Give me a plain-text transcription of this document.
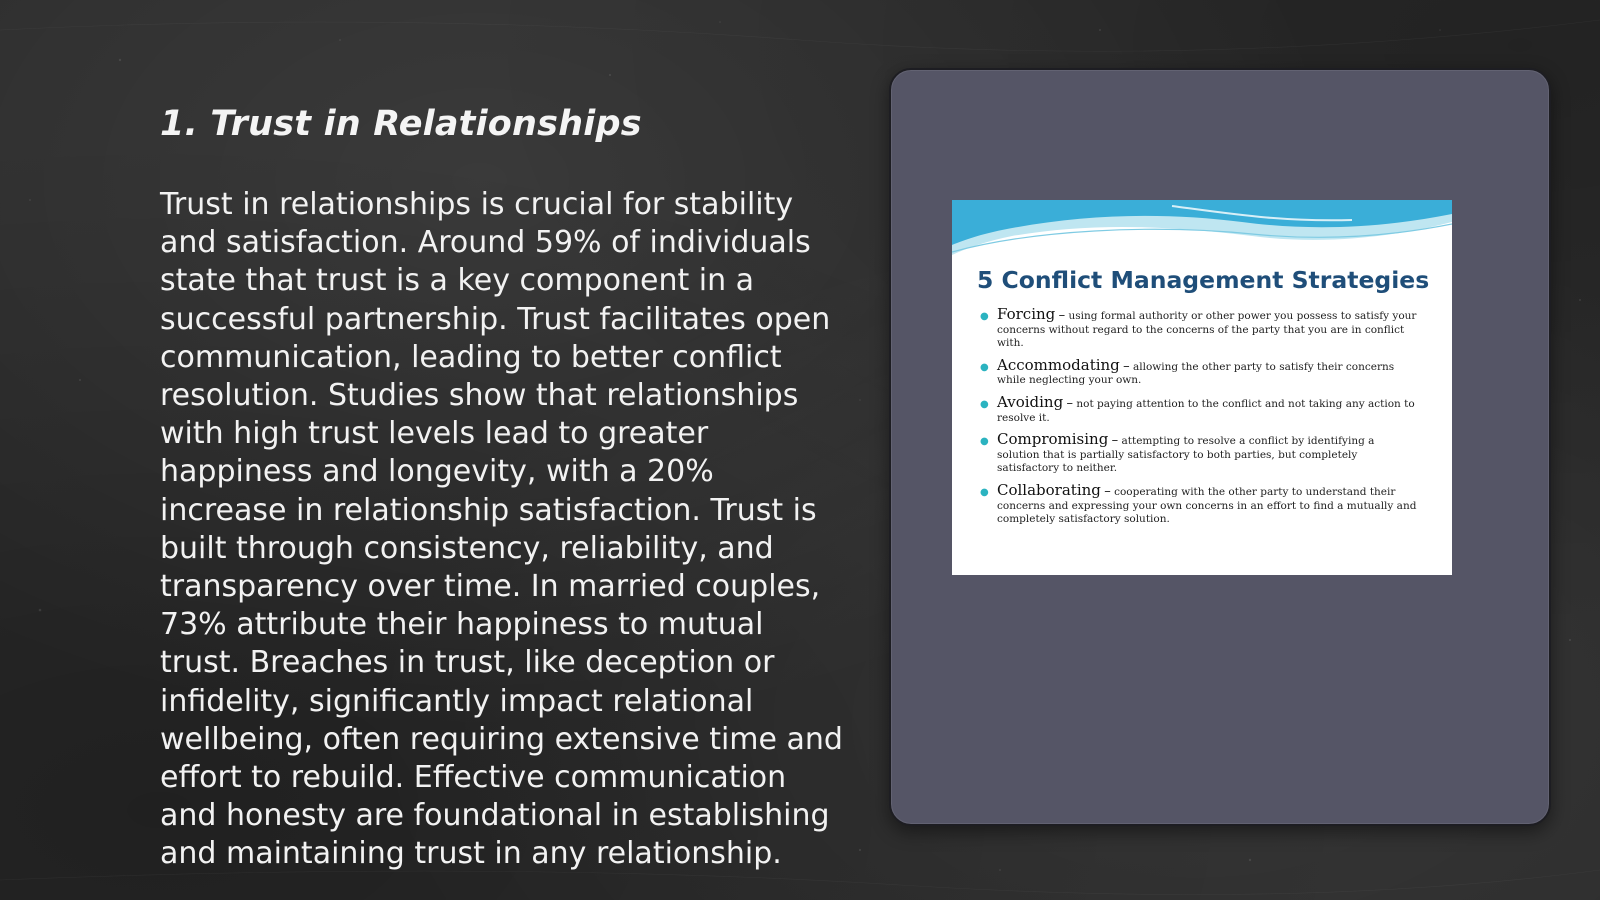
1. Trust in Relationships

Trust in relationships is crucial for stability and satisfaction. Around 59% of individuals state that trust is a key component in a successful partnership. Trust facilitates open communication, leading to better conflict resolution. Studies show that relationships with high trust levels lead to greater happiness and longevity, with a 20% increase in relationship satisfaction. Trust is built through consistency, reliability, and transparency over time. In married couples, 73% attribute their happiness to mutual trust. Breaches in trust, like deception or infidelity, significantly impact relational wellbeing, often requiring extensive time and effort to rebuild. Effective communication and honesty are foundational in establishing and maintaining trust in any relationship.

5 Conflict Management Strategies
● Forcing – using formal authority or other power you possess to satisfy your concerns without regard to the concerns of the party that you are in conflict with.
● Accommodating – allowing the other party to satisfy their concerns while neglecting your own.
● Avoiding – not paying attention to the conflict and not taking any action to resolve it.
● Compromising – attempting to resolve a conflict by identifying a solution that is partially satisfactory to both parties, but completely satisfactory to neither.
● Collaborating – cooperating with the other party to understand their concerns and expressing your own concerns in an effort to find a mutually and completely satisfactory solution.
